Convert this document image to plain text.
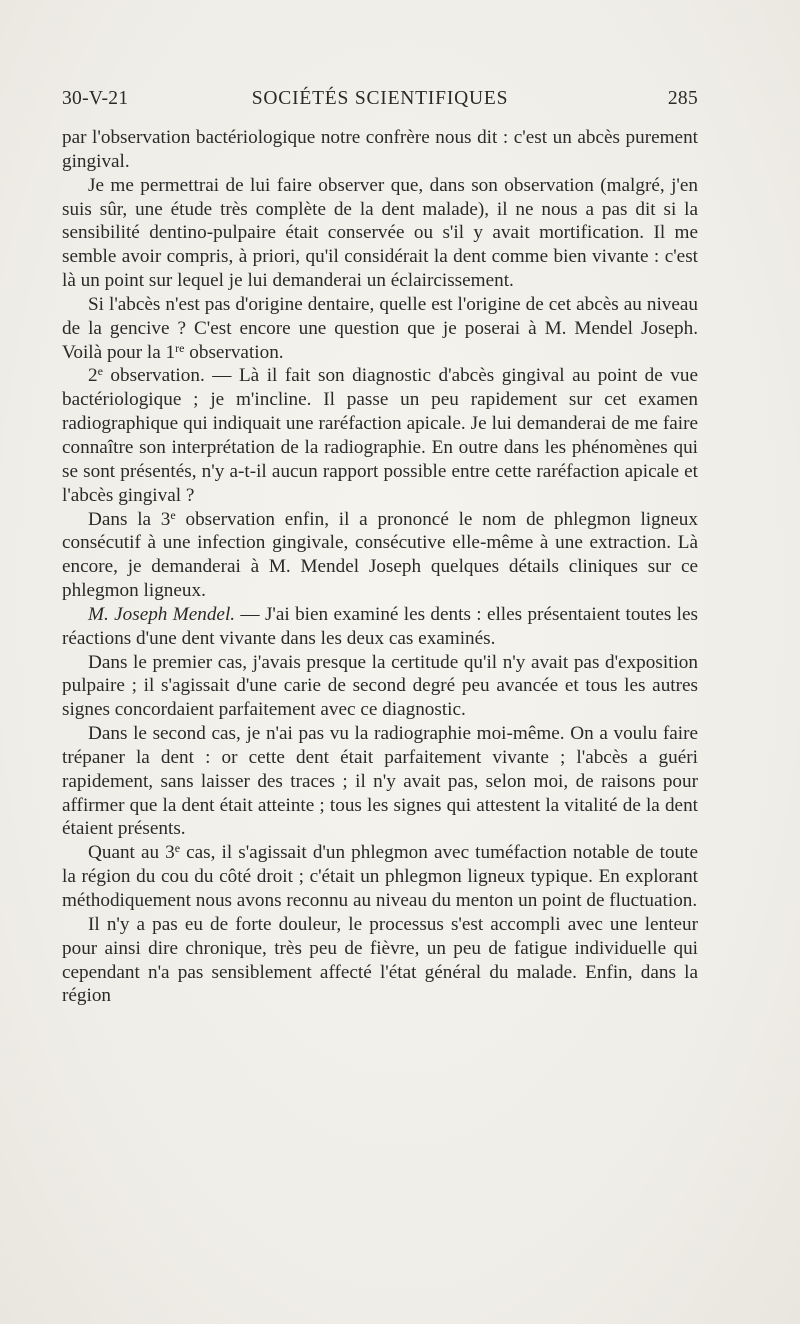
30-V-21	SOCIÉTÉS SCIENTIFIQUES	285

par l'observation bactériologique notre confrère nous dit : c'est un abcès purement gingival.

Je me permettrai de lui faire observer que, dans son observation (malgré, j'en suis sûr, une étude très complète de la dent malade), il ne nous a pas dit si la sensibilité dentino-pulpaire était conservée ou s'il y avait mortification. Il me semble avoir compris, à priori, qu'il considérait la dent comme bien vivante : c'est là un point sur lequel je lui demanderai un éclaircissement.

Si l'abcès n'est pas d'origine dentaire, quelle est l'origine de cet abcès au niveau de la gencive ? C'est encore une question que je poserai à M. Mendel Joseph. Voilà pour la 1re observation.

2e observation. — Là il fait son diagnostic d'abcès gingival au point de vue bactériologique ; je m'incline. Il passe un peu rapidement sur cet examen radiographique qui indiquait une raréfaction apicale. Je lui demanderai de me faire connaître son interprétation de la radiographie. En outre dans les phénomènes qui se sont présentés, n'y a-t-il aucun rapport possible entre cette raréfaction apicale et l'abcès gingival ?

Dans la 3e observation enfin, il a prononcé le nom de phlegmon ligneux consécutif à une infection gingivale, consécutive elle-même à une extraction. Là encore, je demanderai à M. Mendel Joseph quelques détails cliniques sur ce phlegmon ligneux.

M. Joseph Mendel. — J'ai bien examiné les dents : elles présentaient toutes les réactions d'une dent vivante dans les deux cas examinés.

Dans le premier cas, j'avais presque la certitude qu'il n'y avait pas d'exposition pulpaire ; il s'agissait d'une carie de second degré peu avancée et tous les autres signes concordaient parfaitement avec ce diagnostic.

Dans le second cas, je n'ai pas vu la radiographie moi-même. On a voulu faire trépaner la dent : or cette dent était parfaitement vivante ; l'abcès a guéri rapidement, sans laisser des traces ; il n'y avait pas, selon moi, de raisons pour affirmer que la dent était atteinte ; tous les signes qui attestent la vitalité de la dent étaient présents.

Quant au 3e cas, il s'agissait d'un phlegmon avec tuméfaction notable de toute la région du cou du côté droit ; c'était un phlegmon ligneux typique. En explorant méthodiquement nous avons reconnu au niveau du menton un point de fluctuation.

Il n'y a pas eu de forte douleur, le processus s'est accompli avec une lenteur pour ainsi dire chronique, très peu de fièvre, un peu de fatigue individuelle qui cependant n'a pas sensiblement affecté l'état général du malade. Enfin, dans la région
